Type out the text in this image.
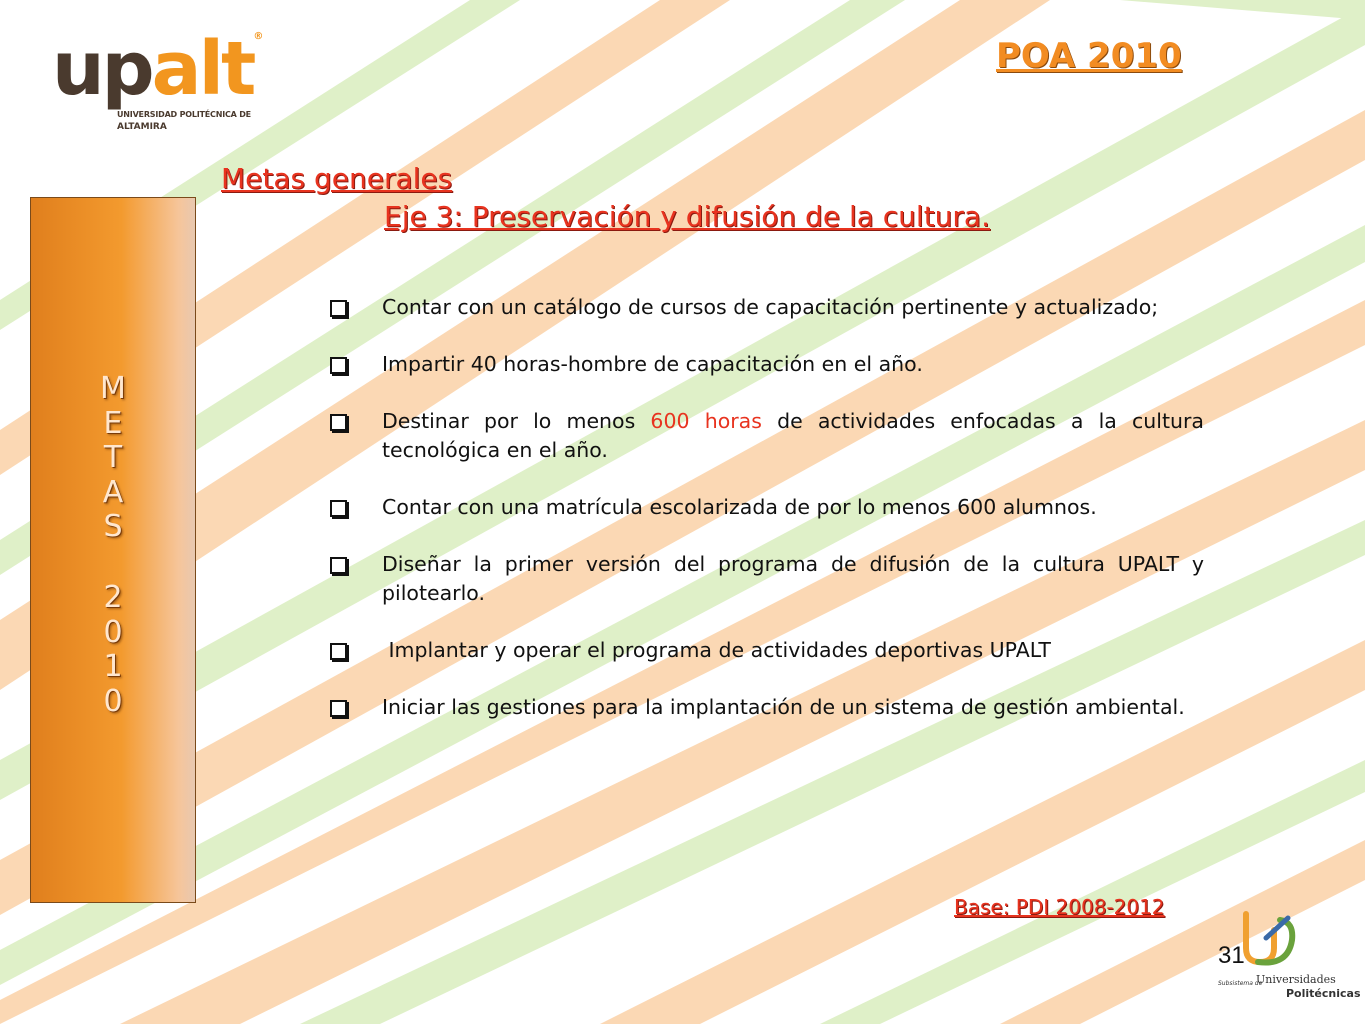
upalt®
UNIVERSIDAD POLITÉCNICA DE
ALTAMIRA
POA 2010
Metas generales
Eje 3: Preservación y difusión de la cultura.
M
E
T
A
S
2
0
1
0
Contar con un catálogo de cursos de capacitación pertinente y actualizado;
Impartir 40 horas-hombre de capacitación en el año.
Destinar por lo menos 600 horas de actividades enfocadas a la cultura tecnológica en el año.
Contar con una matrícula escolarizada de por lo menos 600 alumnos.
Diseñar la primer versión del programa de difusión de la cultura UPALT y pilotearlo.
Implantar y operar el programa de actividades deportivas UPALT
Iniciar las gestiones para la implantación de un sistema de gestión ambiental.
Base: PDI 2008-2012
Subsistema de
Universidades
Politécnicas
31
